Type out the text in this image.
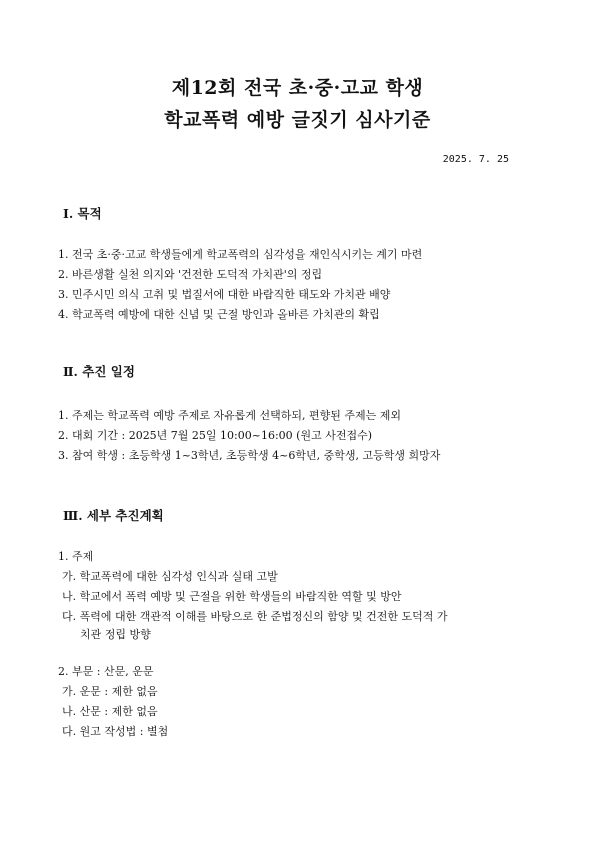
제12회 전국 초·중·고교 학생
학교폭력 예방 글짓기 심사기준
2025. 7. 25
Ⅰ. 목적
1. 전국 초·중·고교 학생들에게 학교폭력의 심각성을 재인식시키는 계기 마련
2. 바른생활 실천 의지와 '건전한 도덕적 가치관'의 정립
3. 민주시민 의식 고취 및 법질서에 대한 바람직한 태도와 가치관 배양
4. 학교폭력 예방에 대한 신념 및 근절 방인과 올바른 가치관의 확립
Ⅱ. 추진 일정
1. 주제는 학교폭력 예방 주제로 자유롭게 선택하되, 편향된 주제는 제외
2. 대회 기간 : 2025년 7월 25일 10:00~16:00 (원고 사전접수)
3. 참여 학생 : 초등학생 1~3학년, 초등학생 4~6학년, 중학생, 고등학생 희망자
Ⅲ. 세부 추진계획
1. 주제
가. 학교폭력에 대한 심각성 인식과 실태 고발
나. 학교에서 폭력 예방 및 근절을 위한 학생들의 바람직한 역할 및 방안
다. 폭력에 대한 객관적 이해를 바탕으로 한 준법정신의 함양 및 건전한 도덕적 가
치관 정립 방향
2. 부문 : 산문, 운문
가. 운문 : 제한 없음
나. 산문 : 제한 없음
다. 원고 작성법 : 별첨
